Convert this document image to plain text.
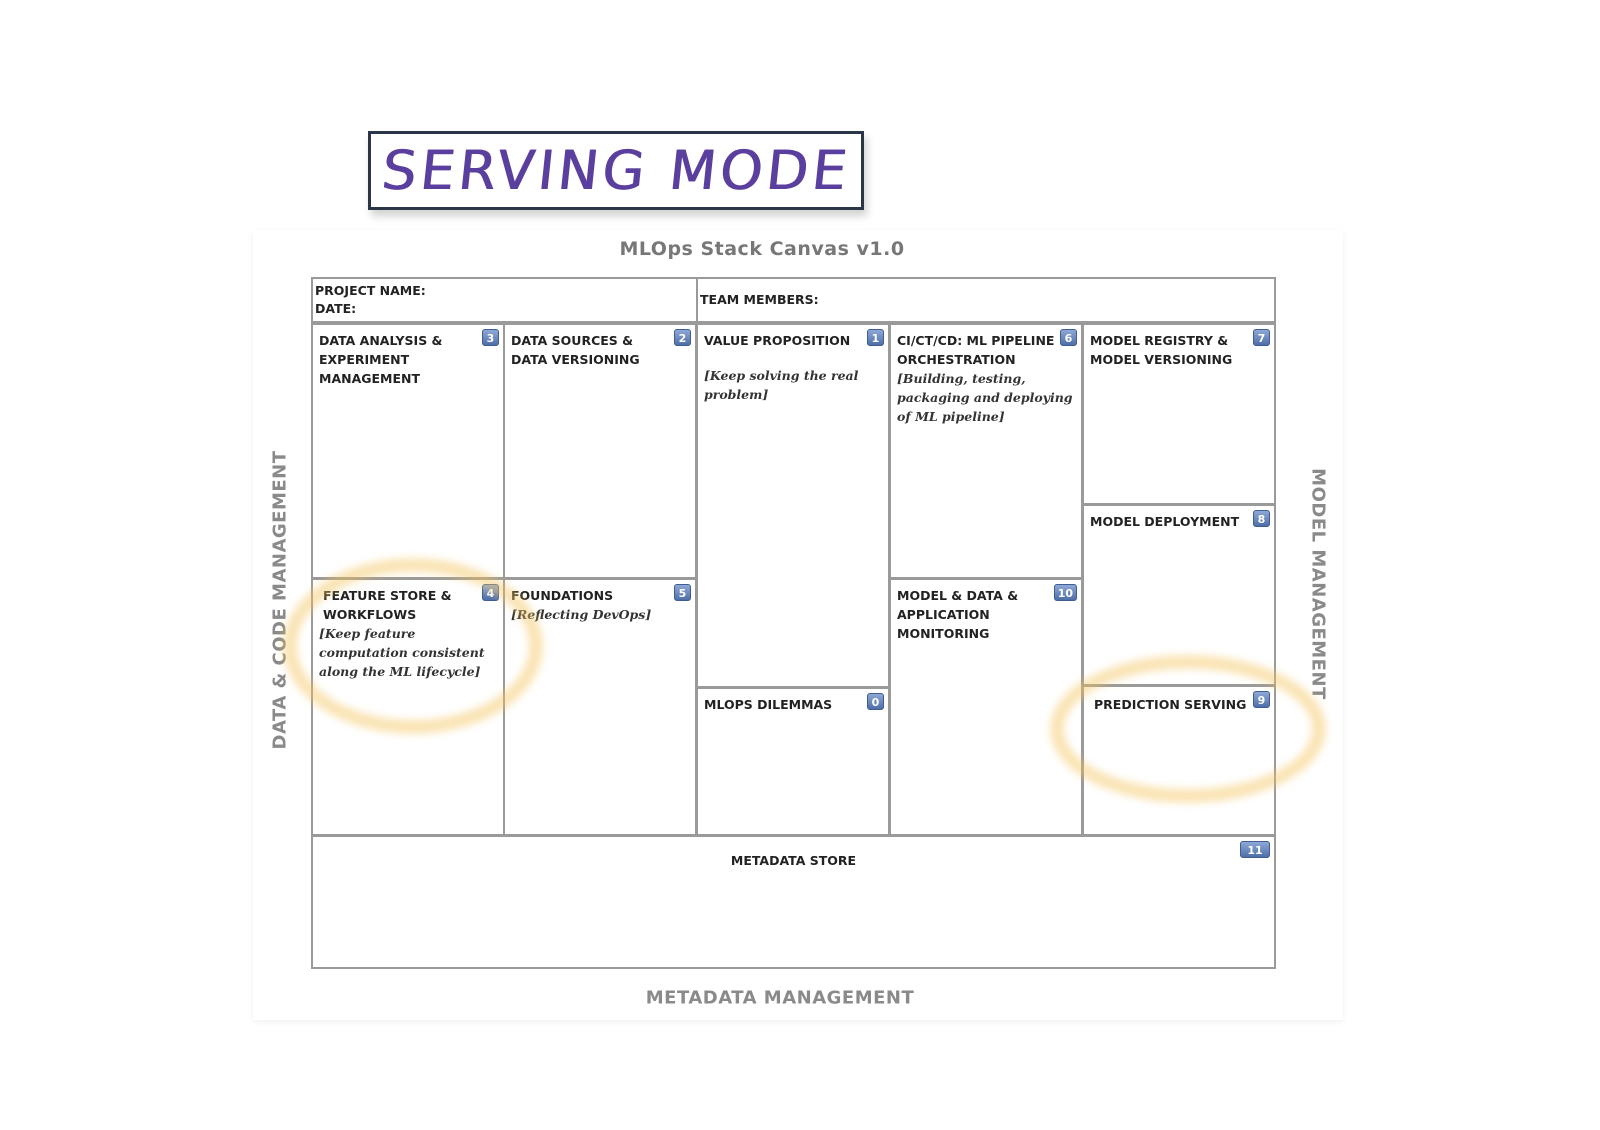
SERVING MODE
MLOps Stack Canvas v1.0
DATA & CODE MANAGEMENT	MODEL MANAGEMENT
METADATA MANAGEMENT
PROJECT NAME:
DATE:
TEAM MEMBERS:
DATA ANALYSIS & EXPERIMENT MANAGEMENT
3	DATA SOURCES & DATA VERSIONING
2	VALUE PROPOSITION
[Keep solving the real problem]
1	CI/CT/CD: ML PIPELINE ORCHESTRATION
[Building, testing, packaging and deploying of ML pipeline]
6	MODEL REGISTRY & MODEL VERSIONING
7
MODEL DEPLOYMENT	8
FEATURE STORE & WORKFLOWS
[Keep feature computation consistent along the ML lifecycle]
4	FOUNDATIONS
[Reflecting DevOps]
5
MLOPS DILEMMAS	0
MODEL & DATA & APPLICATION MONITORING
10
PREDICTION SERVING	9
METADATA STORE
11
